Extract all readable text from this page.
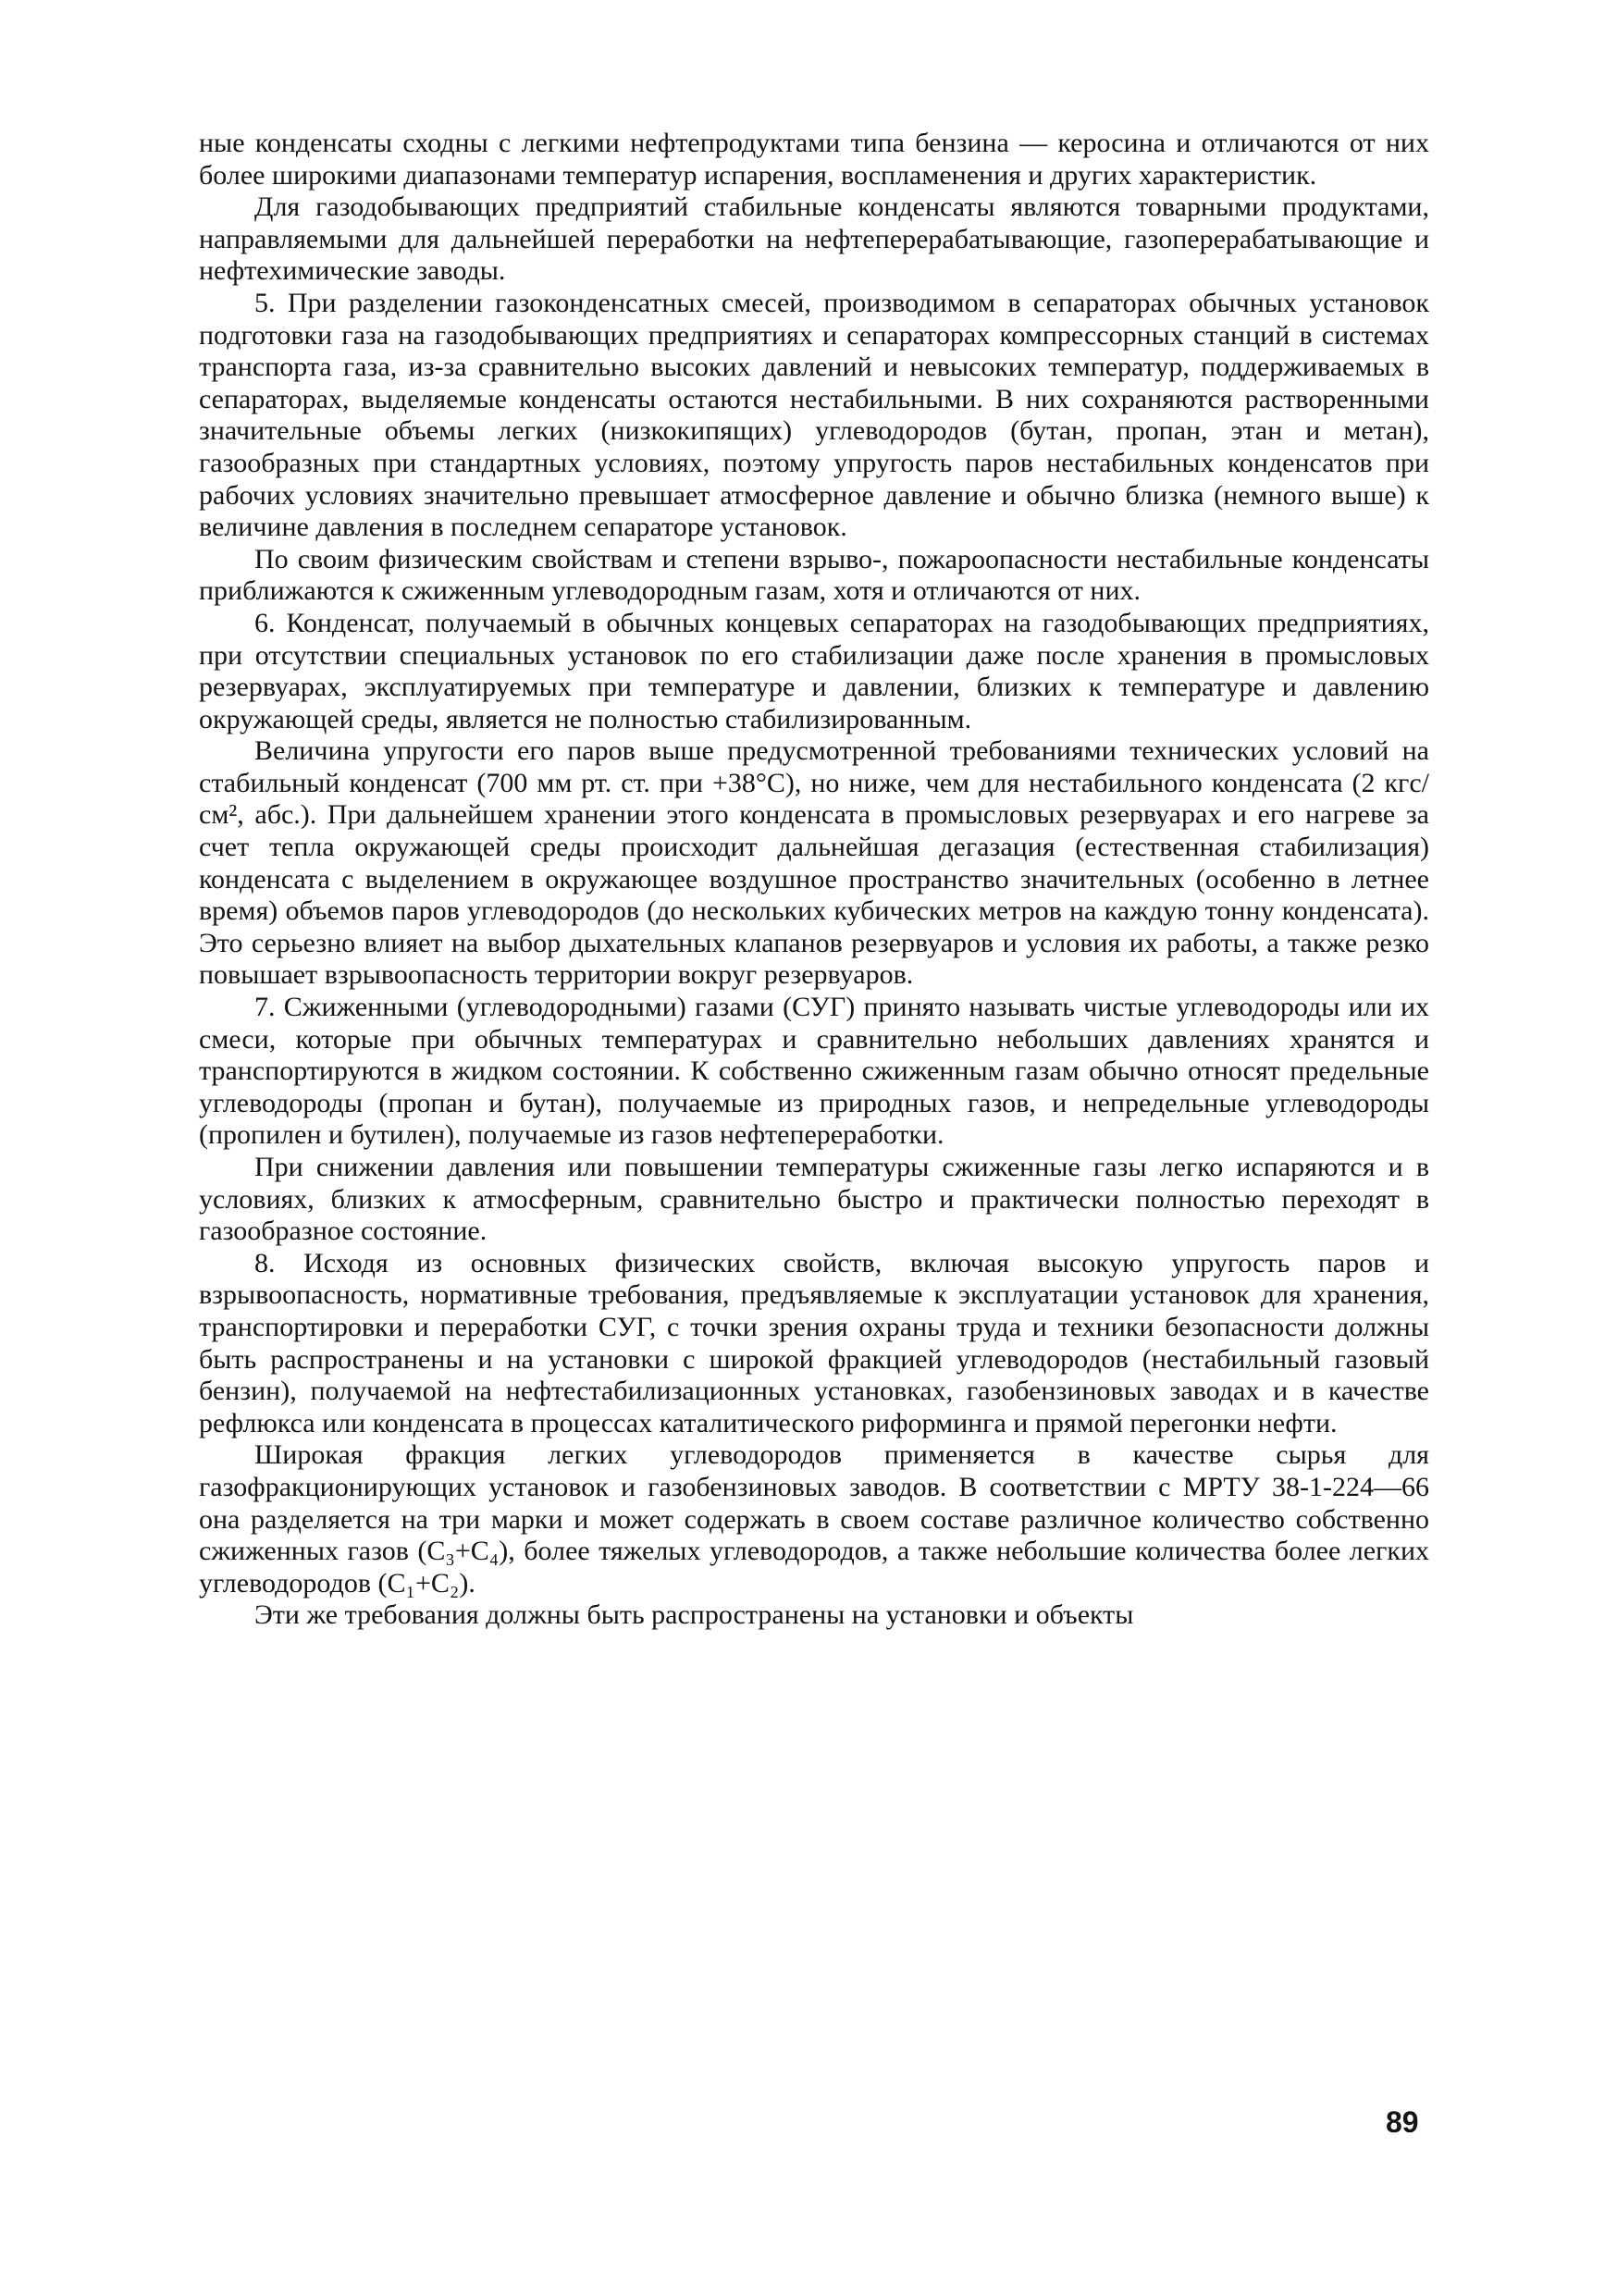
ные конденсаты сходны с легкими нефтепродуктами типа бензина — керосина и отличаются от них более широкими диапазонами температур испарения, воспламенения и других характеристик.

Для газодобывающих предприятий стабильные конденсаты являются товарными продуктами, направляемыми для дальнейшей переработки на нефтеперерабатывающие, газоперерабатывающие и нефтехимические заводы.

5. При разделении газоконденсатных смесей, производимом в сепараторах обычных установок подготовки газа на газодобывающих предприятиях и сепараторах компрессорных станций в системах транспорта газа, из-за сравнительно высоких давлений и невысоких температур, поддерживаемых в сепараторах, выделяемые конденсаты остаются нестабильными. В них сохраняются растворенными значительные объемы легких (низкокипящих) углеводородов (бутан, пропан, этан и метан), газообразных при стандартных условиях, поэтому упругость паров нестабильных конденсатов при рабочих условиях значительно превышает атмосферное давление и обычно близка (немного выше) к величине давления в последнем сепараторе установок.

По своим физическим свойствам и степени взрыво-, пожароопасности нестабильные конденсаты приближаются к сжиженным углеводородным газам, хотя и отличаются от них.

6. Конденсат, получаемый в обычных концевых сепараторах на газодобывающих предприятиях, при отсутствии специальных установок по его стабилизации даже после хранения в промысловых резервуарах, эксплуатируемых при температуре и давлении, близких к температуре и давлению окружающей среды, является не полностью стабилизированным.

Величина упругости его паров выше предусмотренной требованиями технических условий на стабильный конденсат (700 мм рт. ст. при +38°С), но ниже, чем для нестабильного конденсата (2 кгс/см², абс.). При дальнейшем хранении этого конденсата в промысловых резервуарах и его нагреве за счет тепла окружающей среды происходит дальнейшая дегазация (естественная стабилизация) конденсата с выделением в окружающее воздушное пространство значительных (особенно в летнее время) объемов паров углеводородов (до нескольких кубических метров на каждую тонну конденсата). Это серьезно влияет на выбор дыхательных клапанов резервуаров и условия их работы, а также резко повышает взрывоопасность территории вокруг резервуаров.

7. Сжиженными (углеводородными) газами (СУГ) принято называть чистые углеводороды или их смеси, которые при обычных температурах и сравнительно небольших давлениях хранятся и транспортируются в жидком состоянии. К собственно сжиженным газам обычно относят предельные углеводороды (пропан и бутан), получаемые из природных газов, и непредельные углеводороды (пропилен и бутилен), получаемые из газов нефтепереработки.

При снижении давления или повышении температуры сжиженные газы легко испаряются и в условиях, близких к атмосферным, сравнительно быстро и практически полностью переходят в газообразное состояние.

8. Исходя из основных физических свойств, включая высокую упругость паров и взрывоопасность, нормативные требования, предъявляемые к эксплуатации установок для хранения, транспортировки и переработки СУГ, с точки зрения охраны труда и техники безопасности должны быть распространены и на установки с широкой фракцией углеводородов (нестабильный газовый бензин), получаемой на нефтестабилизационных установках, газобензиновых заводах и в качестве рефлюкса или конденсата в процессах каталитического риформинга и прямой перегонки нефти.

Широкая фракция легких углеводородов применяется в качестве сырья для газофракционирующих установок и газобензиновых заводов. В соответствии с МРТУ 38-1-224—66 она разделяется на три марки и может содержать в своем составе различное количество собственно сжиженных газов (C₃+C₄), более тяжелых углеводородов, а также небольшие количества более легких углеводородов (C₁+C₂).

Эти же требования должны быть распространены на установки и объекты

89
